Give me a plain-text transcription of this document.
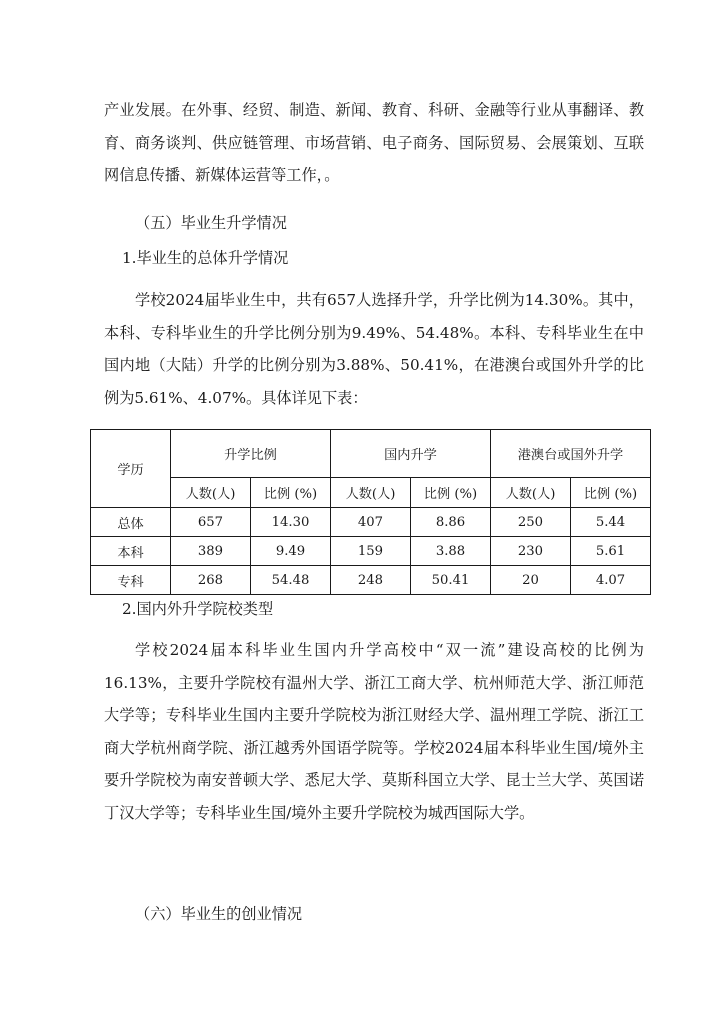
产业发展。在外事、经贸、制造、新闻、教育、科研、金融等行业从事翻译、教育、商务谈判、供应链管理、市场营销、电子商务、国际贸易、会展策划、互联网信息传播、新媒体运营等工作，。

（五）毕业生升学情况

1.毕业生的总体升学情况

学校2024届毕业生中，共有657人选择升学，升学比例为14.30%。其中，本科、专科毕业生的升学比例分别为9.49%、54.48%。本科、专科毕业生在中国内地（大陆）升学的比例分别为3.88%、50.41%，在港澳台或国外升学的比例为5.61%、4.07%。具体详见下表：

学历	升学比例		国内升学		港澳台或国外升学	
	人数(人)	比例 (%)	人数(人)	比例 (%)	人数(人)	比例 (%)
总体	657	14.30	407	8.86	250	5.44
本科	389	9.49	159	3.88	230	5.61
专科	268	54.48	248	50.41	20	4.07

2.国内外升学院校类型

学校2024届本科毕业生国内升学高校中“双一流”建设高校的比例为16.13%，主要升学院校有温州大学、浙江工商大学、杭州师范大学、浙江师范大学等；专科毕业生国内主要升学院校为浙江财经大学、温州理工学院、浙江工商大学杭州商学院、浙江越秀外国语学院等。学校2024届本科毕业生国/境外主要升学院校为南安普顿大学、悉尼大学、莫斯科国立大学、昆士兰大学、英国诺丁汉大学等；专科毕业生国/境外主要升学院校为城西国际大学。

（六）毕业生的创业情况
